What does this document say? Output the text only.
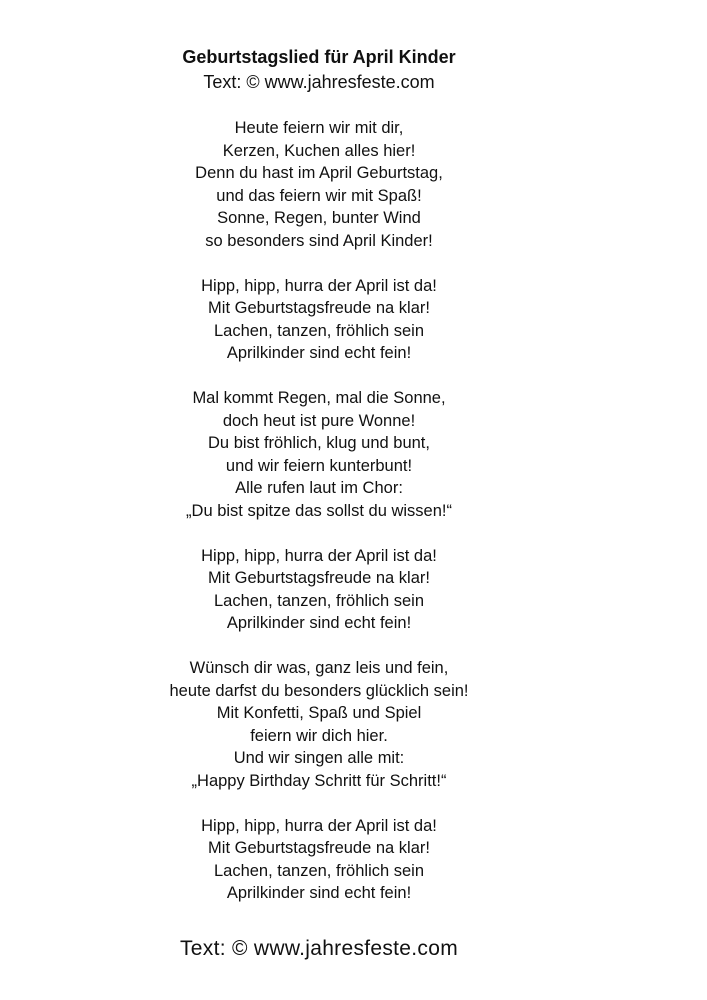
Geburtstagslied für April Kinder
Text: © www.jahresfeste.com
Heute feiern wir mit dir,
Kerzen, Kuchen alles hier!
Denn du hast im April Geburtstag,
und das feiern wir mit Spaß!
Sonne, Regen, bunter Wind
so besonders sind April Kinder!
Hipp, hipp, hurra der April ist da!
Mit Geburtstagsfreude na klar!
Lachen, tanzen, fröhlich sein
Aprilkinder sind echt fein!
Mal kommt Regen, mal die Sonne,
doch heut ist pure Wonne!
Du bist fröhlich, klug und bunt,
und wir feiern kunterbunt!
Alle rufen laut im Chor:
„Du bist spitze das sollst du wissen!“
Hipp, hipp, hurra der April ist da!
Mit Geburtstagsfreude na klar!
Lachen, tanzen, fröhlich sein
Aprilkinder sind echt fein!
Wünsch dir was, ganz leis und fein,
heute darfst du besonders glücklich sein!
Mit Konfetti, Spaß und Spiel
feiern wir dich hier.
Und wir singen alle mit:
„Happy Birthday Schritt für Schritt!“
Hipp, hipp, hurra der April ist da!
Mit Geburtstagsfreude na klar!
Lachen, tanzen, fröhlich sein
Aprilkinder sind echt fein!
Text: © www.jahresfeste.com
